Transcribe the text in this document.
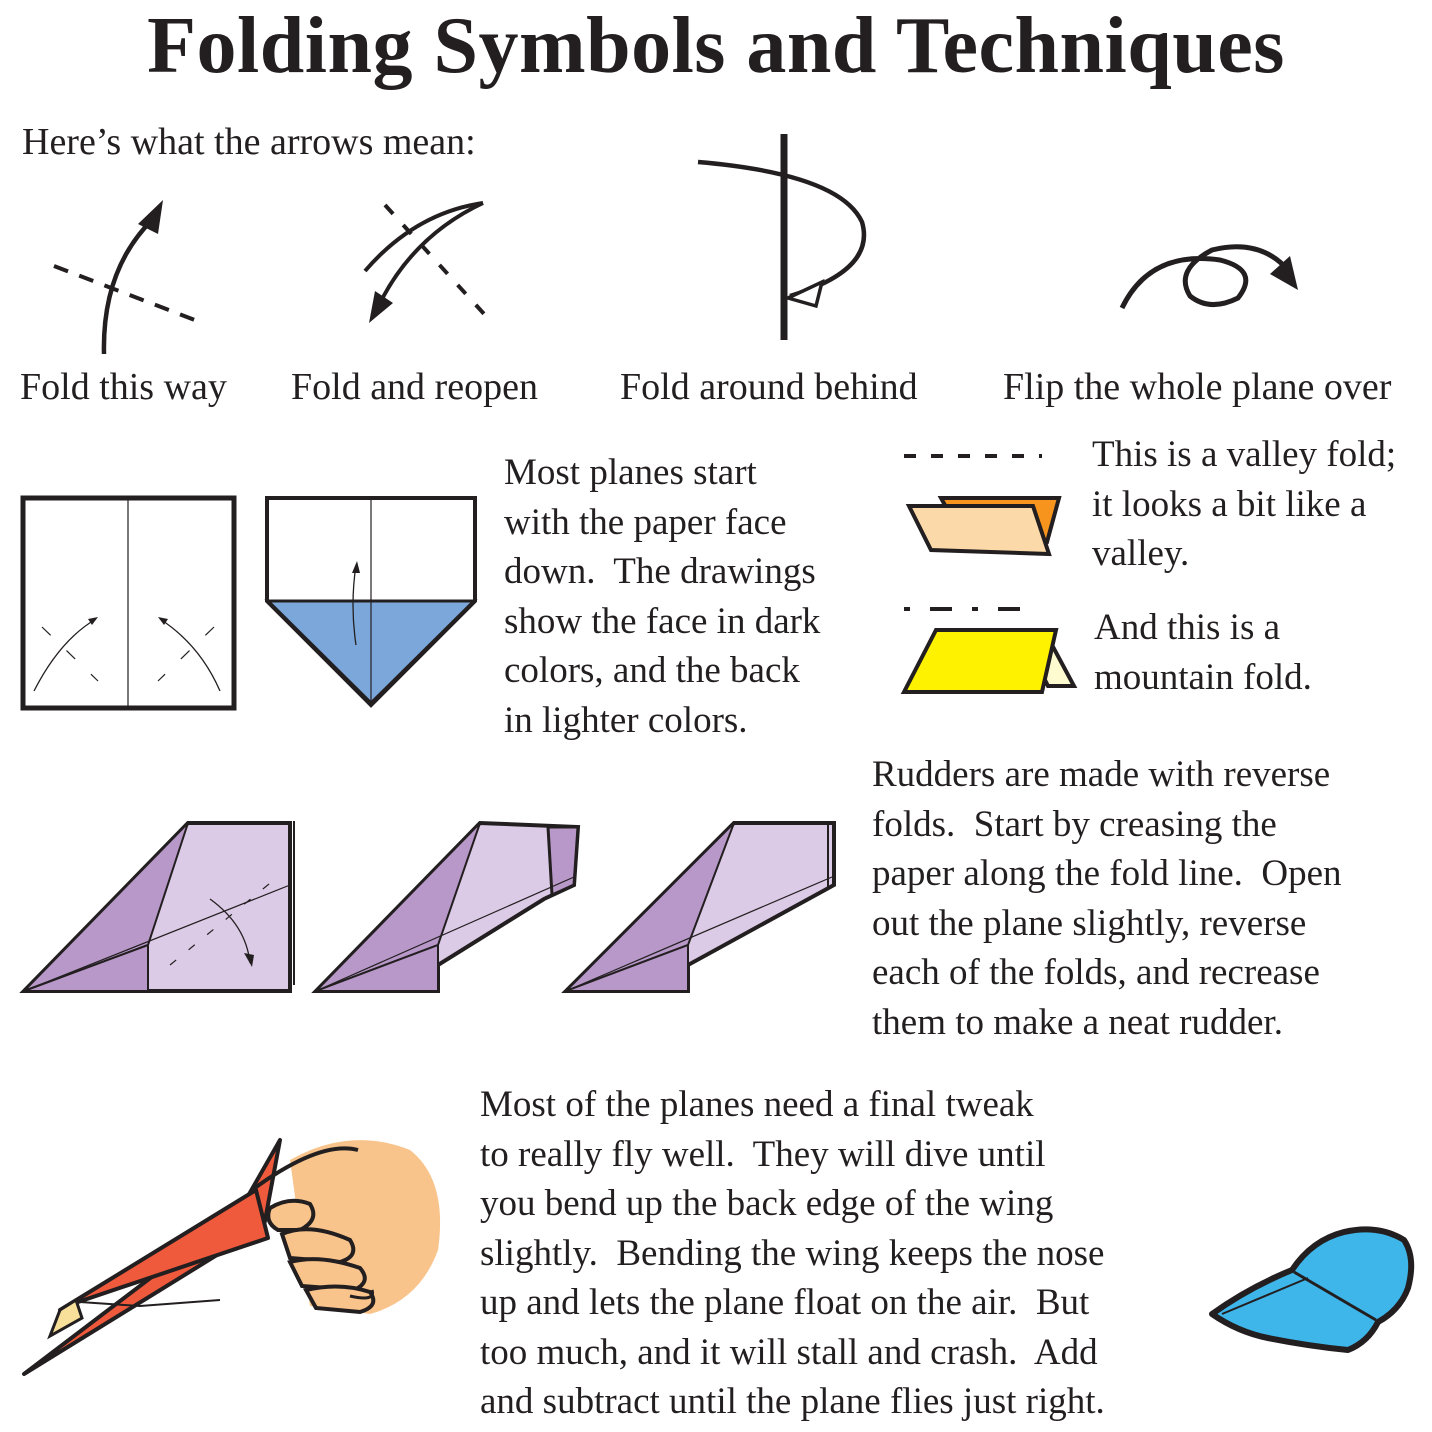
Folding Symbols and Techniques
Here’s what the arrows mean:
Fold this way Fold and reopen Fold around behind Flip the whole plane over
Most planes start
with the paper face
down.  The drawings
show the face in dark
colors, and the back
in lighter colors.
This is a valley fold;
it looks a bit like a
valley.
And this is a
mountain fold.
Rudders are made with reverse
folds.  Start by creasing the
paper along the fold line.  Open
out the plane slightly, reverse
each of the folds, and recrease
them to make a neat rudder.
Most of the planes need a final tweak
to really fly well.  They will dive until
you bend up the back edge of the wing
slightly.  Bending the wing keeps the nose
up and lets the plane float on the air.  But
too much, and it will stall and crash.  Add
and subtract until the plane flies just right.
